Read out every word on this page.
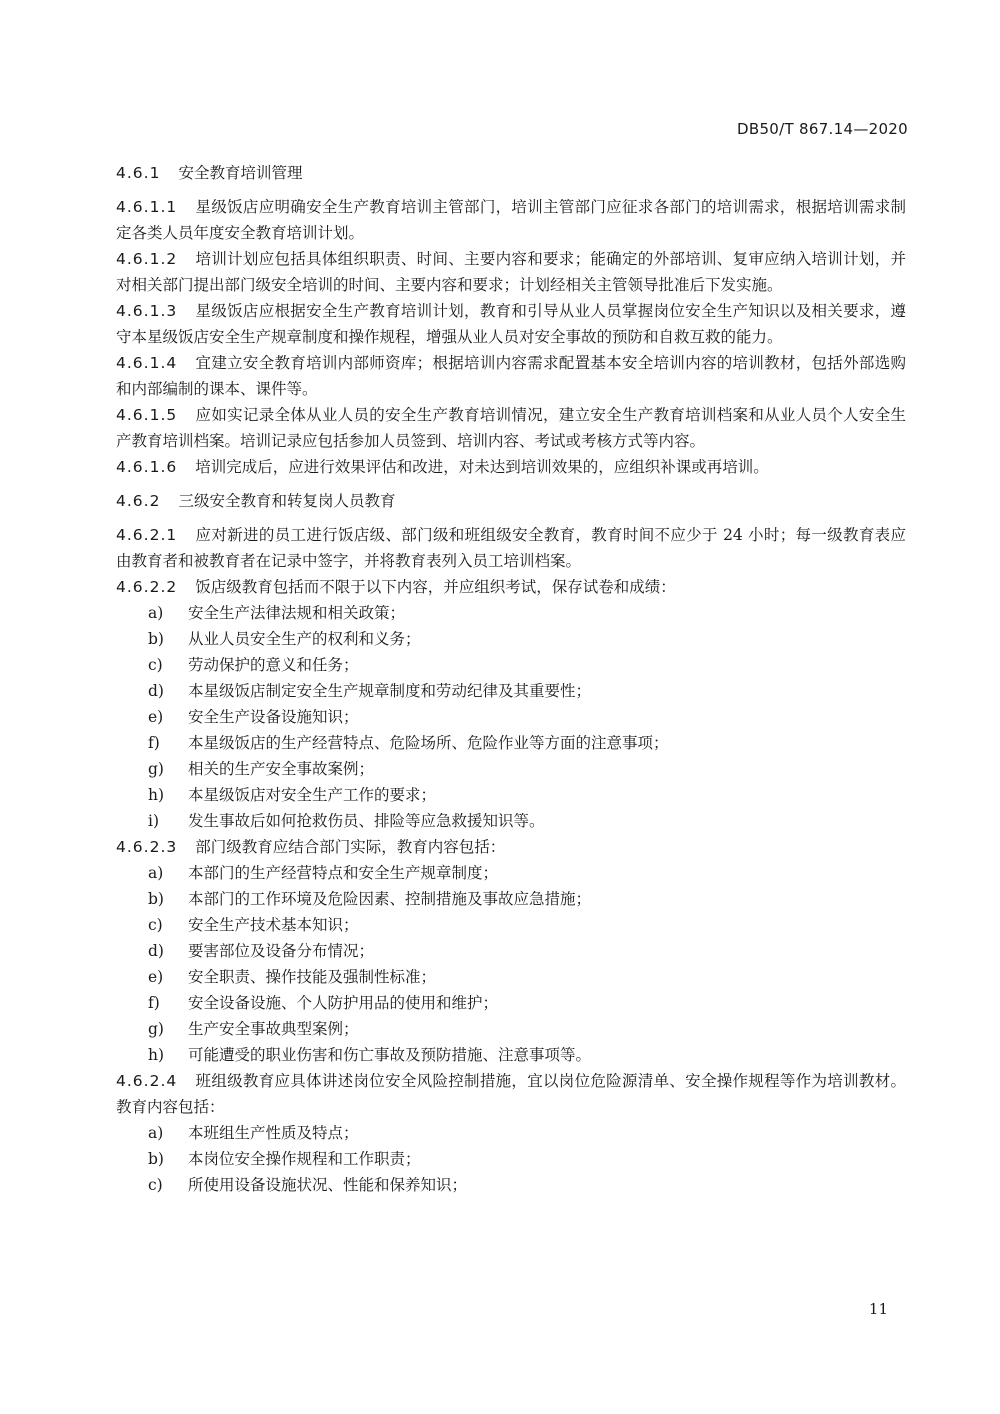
DB50/T 867.14—2020
4.6.1 安全教育培训管理

4.6.1.1 星级饭店应明确安全生产教育培训主管部门，培训主管部门应征求各部门的培训需求，根据培训需求制定各类人员年度安全教育培训计划。

4.6.1.2 培训计划应包括具体组织职责、时间、主要内容和要求；能确定的外部培训、复审应纳入培训计划，并对相关部门提出部门级安全培训的时间、主要内容和要求；计划经相关主管领导批准后下发实施。

4.6.1.3 星级饭店应根据安全生产教育培训计划，教育和引导从业人员掌握岗位安全生产知识以及相关要求，遵守本星级饭店安全生产规章制度和操作规程，增强从业人员对安全事故的预防和自救互救的能力。

4.6.1.4 宜建立安全教育培训内部师资库；根据培训内容需求配置基本安全培训内容的培训教材，包括外部选购和内部编制的课本、课件等。

4.6.1.5 应如实记录全体从业人员的安全生产教育培训情况，建立安全生产教育培训档案和从业人员个人安全生产教育培训档案。培训记录应包括参加人员签到、培训内容、考试或考核方式等内容。

4.6.1.6 培训完成后，应进行效果评估和改进，对未达到培训效果的，应组织补课或再培训。

4.6.2 三级安全教育和转复岗人员教育

4.6.2.1 应对新进的员工进行饭店级、部门级和班组级安全教育，教育时间不应少于 24 小时；每一级教育表应由教育者和被教育者在记录中签字，并将教育表列入员工培训档案。

4.6.2.2 饭店级教育包括而不限于以下内容，并应组织考试，保存试卷和成绩：

a) 安全生产法律法规和相关政策；
b) 从业人员安全生产的权利和义务；
c) 劳动保护的意义和任务；
d) 本星级饭店制定安全生产规章制度和劳动纪律及其重要性；
e) 安全生产设备设施知识；
f) 本星级饭店的生产经营特点、危险场所、危险作业等方面的注意事项；
g) 相关的生产安全事故案例；
h) 本星级饭店对安全生产工作的要求；
i) 发生事故后如何抢救伤员、排险等应急救援知识等。

4.6.2.3 部门级教育应结合部门实际，教育内容包括：

a) 本部门的生产经营特点和安全生产规章制度；
b) 本部门的工作环境及危险因素、控制措施及事故应急措施；
c) 安全生产技术基本知识；
d) 要害部位及设备分布情况；
e) 安全职责、操作技能及强制性标准；
f) 安全设备设施、个人防护用品的使用和维护；
g) 生产安全事故典型案例；
h) 可能遭受的职业伤害和伤亡事故及预防措施、注意事项等。

4.6.2.4 班组级教育应具体讲述岗位安全风险控制措施，宜以岗位危险源清单、安全操作规程等作为培训教材。教育内容包括：

a) 本班组生产性质及特点；
b) 本岗位安全操作规程和工作职责；
c) 所使用设备设施状况、性能和保养知识；
11
